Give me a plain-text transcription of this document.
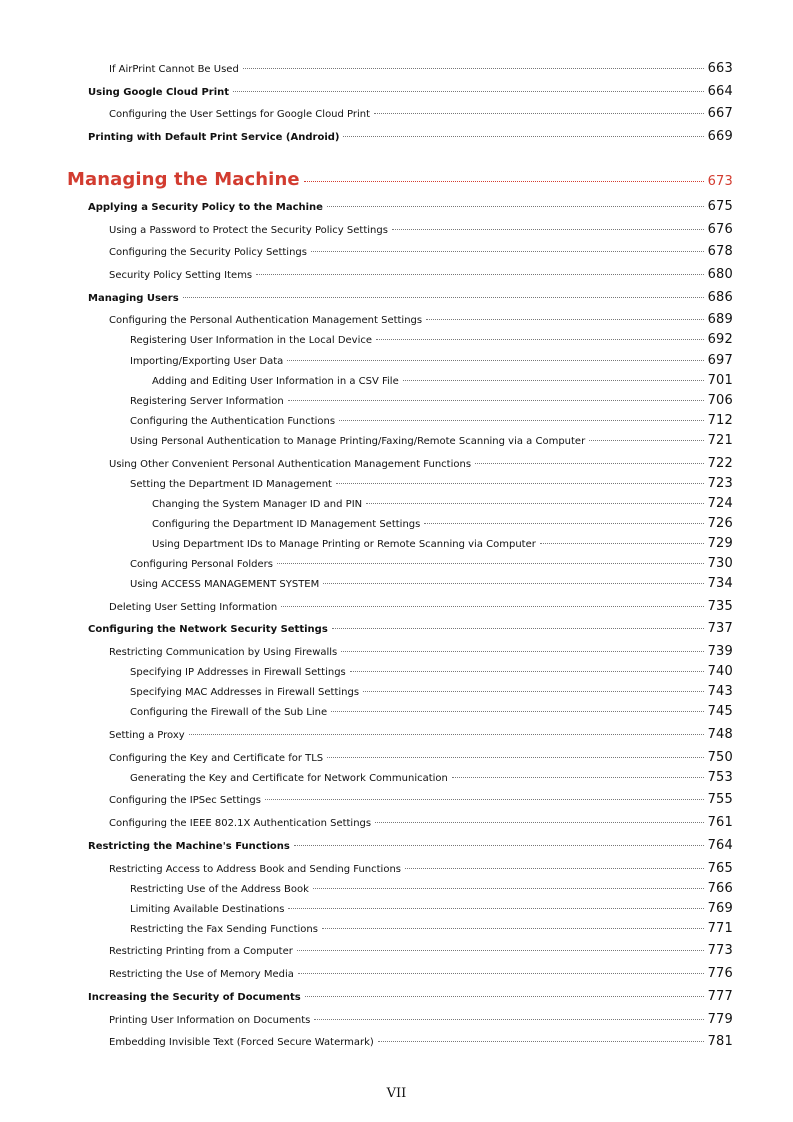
If AirPrint Cannot Be Used	663
Using Google Cloud Print	664
Configuring the User Settings for Google Cloud Print	667
Printing with Default Print Service (Android)	669
Managing the Machine	673
Applying a Security Policy to the Machine	675
Using a Password to Protect the Security Policy Settings	676
Configuring the Security Policy Settings	678
Security Policy Setting Items	680
Managing Users	686
Configuring the Personal Authentication Management Settings	689
Registering User Information in the Local Device	692
Importing/Exporting User Data	697
Adding and Editing User Information in a CSV File	701
Registering Server Information	706
Configuring the Authentication Functions	712
Using Personal Authentication to Manage Printing/Faxing/Remote Scanning via a Computer	721
Using Other Convenient Personal Authentication Management Functions	722
Setting the Department ID Management	723
Changing the System Manager ID and PIN	724
Configuring the Department ID Management Settings	726
Using Department IDs to Manage Printing or Remote Scanning via Computer	729
Configuring Personal Folders	730
Using ACCESS MANAGEMENT SYSTEM	734
Deleting User Setting Information	735
Configuring the Network Security Settings	737
Restricting Communication by Using Firewalls	739
Specifying IP Addresses in Firewall Settings	740
Specifying MAC Addresses in Firewall Settings	743
Configuring the Firewall of the Sub Line	745
Setting a Proxy	748
Configuring the Key and Certificate for TLS	750
Generating the Key and Certificate for Network Communication	753
Configuring the IPSec Settings	755
Configuring the IEEE 802.1X Authentication Settings	761
Restricting the Machine's Functions	764
Restricting Access to Address Book and Sending Functions	765
Restricting Use of the Address Book	766
Limiting Available Destinations	769
Restricting the Fax Sending Functions	771
Restricting Printing from a Computer	773
Restricting the Use of Memory Media	776
Increasing the Security of Documents	777
Printing User Information on Documents	779
Embedding Invisible Text (Forced Secure Watermark)	781
VII
